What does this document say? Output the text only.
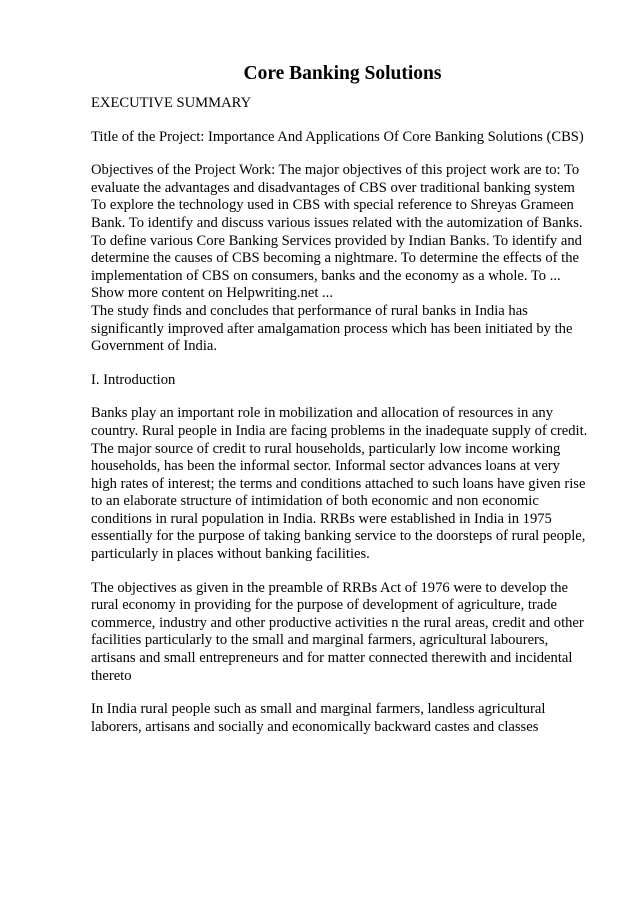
Core Banking Solutions
EXECUTIVE SUMMARY
Title of the Project: Importance And Applications Of Core Banking Solutions (CBS)
Objectives of the Project Work: The major objectives of this project work are to: To
evaluate the advantages and disadvantages of CBS over traditional banking system
To explore the technology used in CBS with special reference to Shreyas Grameen
Bank. To identify and discuss various issues related with the automization of Banks.
To define various Core Banking Services provided by Indian Banks. To identify and
determine the causes of CBS becoming a nightmare. To determine the effects of the
implementation of CBS on consumers, banks and the economy as a whole. To ...
Show more content on Helpwriting.net ...
The study finds and concludes that performance of rural banks in India has
significantly improved after amalgamation process which has been initiated by the
Government of India.
I. Introduction
Banks play an important role in mobilization and allocation of resources in any
country. Rural people in India are facing problems in the inadequate supply of credit.
The major source of credit to rural households, particularly low income working
households, has been the informal sector. Informal sector advances loans at very
high rates of interest; the terms and conditions attached to such loans have given rise
to an elaborate structure of intimidation of both economic and non economic
conditions in rural population in India. RRBs were established in India in 1975
essentially for the purpose of taking banking service to the doorsteps of rural people,
particularly in places without banking facilities.
The objectives as given in the preamble of RRBs Act of 1976 were to develop the
rural economy in providing for the purpose of development of agriculture, trade
commerce, industry and other productive activities n the rural areas, credit and other
facilities particularly to the small and marginal farmers, agricultural labourers,
artisans and small entrepreneurs and for matter connected therewith and incidental
thereto
In India rural people such as small and marginal farmers, landless agricultural
laborers, artisans and socially and economically backward castes and classes
